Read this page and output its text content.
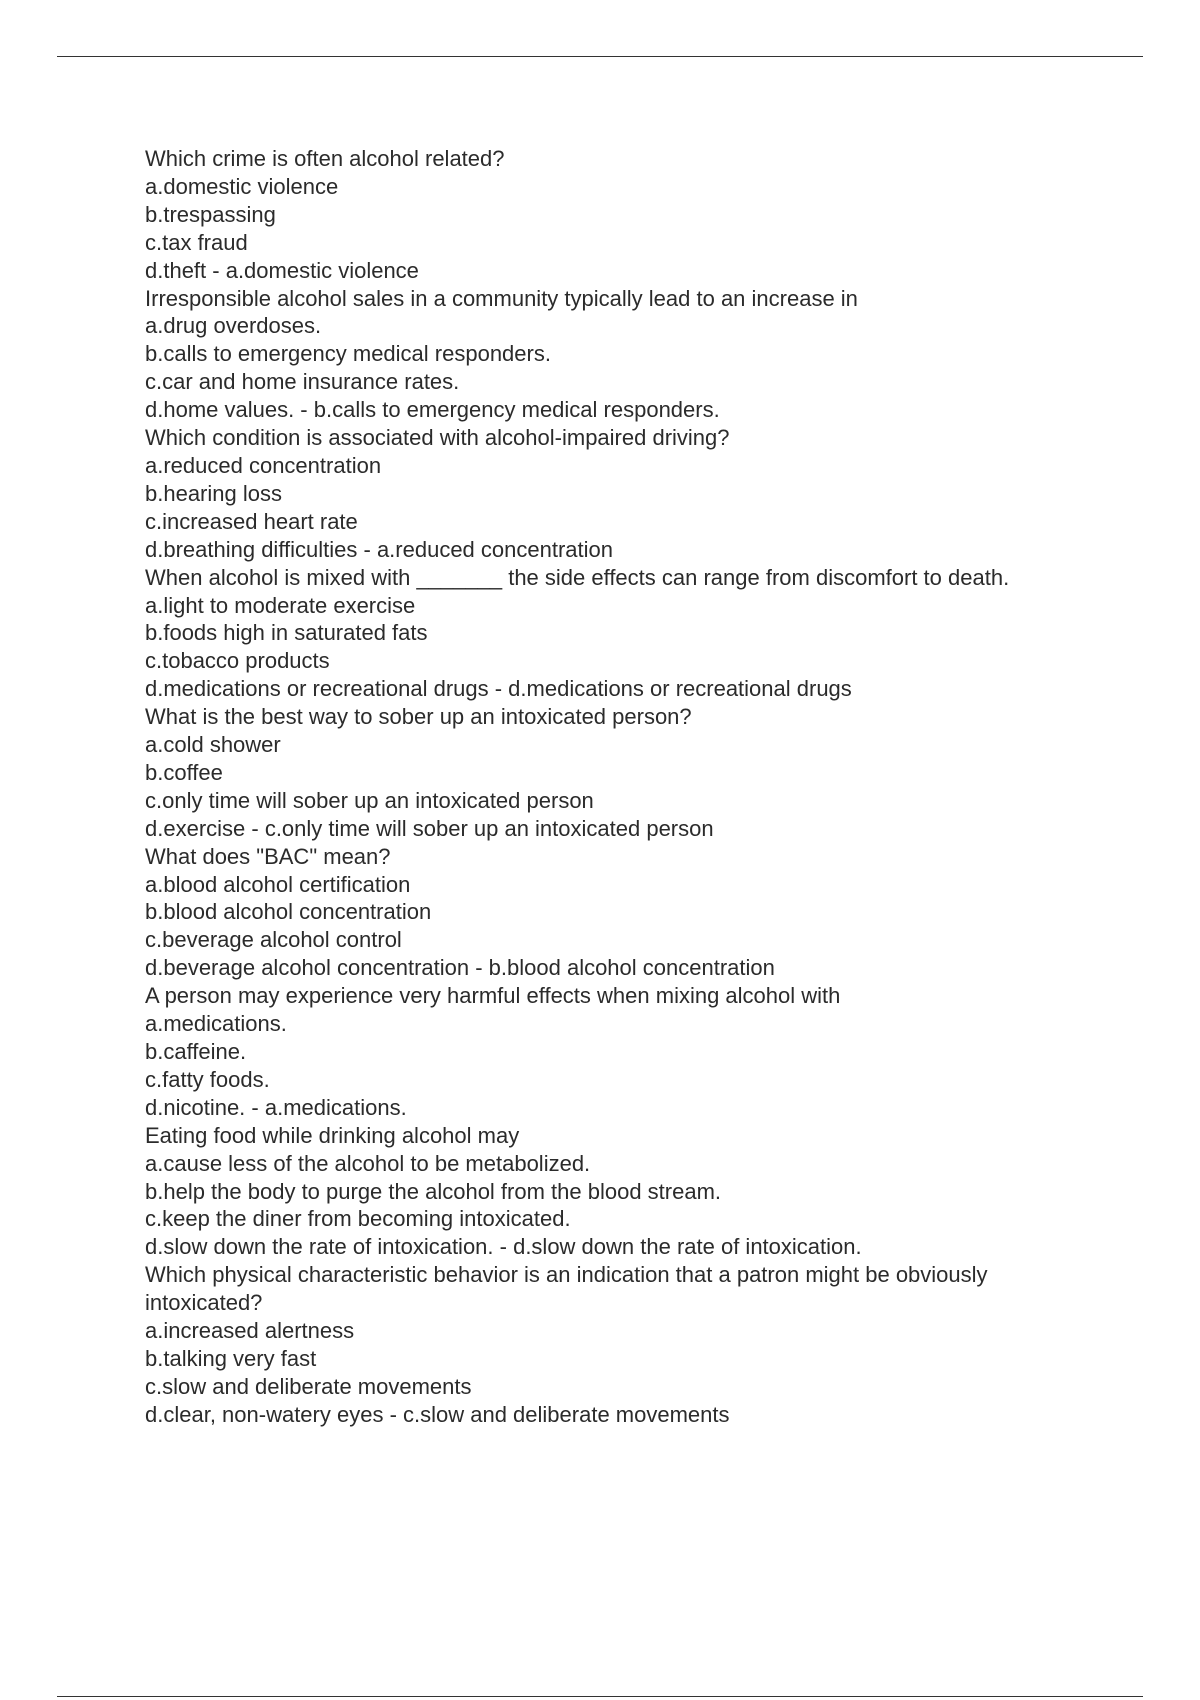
Which crime is often alcohol related?

a.domestic violence

b.trespassing

c.tax fraud

d.theft - a.domestic violence

Irresponsible alcohol sales in a community typically lead to an increase in

a.drug overdoses.

b.calls to emergency medical responders.

c.car and home insurance rates.

d.home values. - b.calls to emergency medical responders.

Which condition is associated with alcohol-impaired driving?

a.reduced concentration

b.hearing loss

c.increased heart rate

d.breathing difficulties - a.reduced concentration

When alcohol is mixed with _______ the side effects can range from discomfort to death.

a.light to moderate exercise

b.foods high in saturated fats

c.tobacco products

d.medications or recreational drugs - d.medications or recreational drugs

What is the best way to sober up an intoxicated person?

a.cold shower

b.coffee

c.only time will sober up an intoxicated person

d.exercise - c.only time will sober up an intoxicated person

What does "BAC" mean?

a.blood alcohol certification

b.blood alcohol concentration

c.beverage alcohol control

d.beverage alcohol concentration - b.blood alcohol concentration

A person may experience very harmful effects when mixing alcohol with

a.medications.

b.caffeine.

c.fatty foods.

d.nicotine. - a.medications.

Eating food while drinking alcohol may

a.cause less of the alcohol to be metabolized.

b.help the body to purge the alcohol from the blood stream.

c.keep the diner from becoming intoxicated.

d.slow down the rate of intoxication. - d.slow down the rate of intoxication.

Which physical characteristic behavior is an indication that a patron might be obviously

intoxicated?

a.increased alertness

b.talking very fast

c.slow and deliberate movements

d.clear, non-watery eyes - c.slow and deliberate movements
